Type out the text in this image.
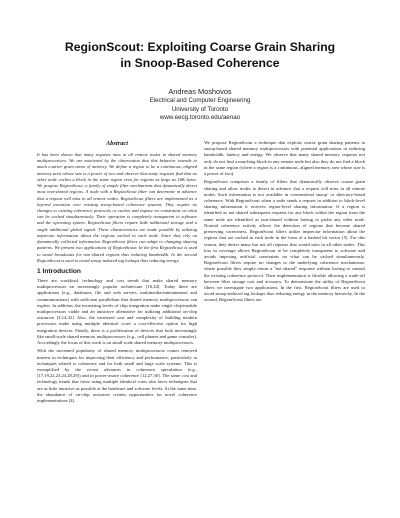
RegionScout: Exploiting Coarse Grain Sharing
in Snoop-Based Coherence
Andreas Moshovos
Electrical and Computer Engineering
University of Toronto
www.eecg.toronto.edu/aenao

Abstract

It has been shown that many requests miss in all remote nodes in shared memory multiprocessors. We are motivated by the observation that this behavior extends to much coarser grain areas of memory. We define a region to be a continuous, aligned memory area whose size is a power of two and observe that many requests find that no other node caches a block in the same region even for regions as large as 16K bytes. We propose RegionScout, a family of simple filter mechanisms that dynamically detect most non-shared regions. A node with a RegionScout filter can determine in advance that a request will miss in all remote nodes. RegionScout filters are implemented as a layered extension over existing snoop-based coherence systems. They require no changes to existing coherence protocols or caches and impose no constraints on what can be cached simultaneously. Their operation is completely transparent to software and the operating system. RegionScout filters require little additional storage and a single additional global signal. These characteristics are made possible by utilizing imprecise information about the regions cached in each node. Since they rely on dynamically collected information RegionScout filters can adapt to changing sharing patterns. We present two applications of RegionScout: In the first RegionScout is used to avoid broadcasts for non-shared regions thus reducing bandwidth. In the second RegionScout is used to avoid snoop induced tag lookups thus reducing energy.

1 Introduction

There are workload, technology and cost trends that make shared memory multiprocessors an increasingly popular architecture [16,24]. Today there are applications (e.g., databases, file and web servers, multimedia/entertainment and communications) with sufficient parallelism that shared memory multiprocessors can exploit. In addition, the increasing levels of chip integration make single chip/module multiprocessors viable and an attractive alternative for utilizing additional on-chip resources [4,14,32]. Also, the increased cost and complexity of building modern processors make using multiple identical cores a cost-effective option for high integration devices. Finally, there is a proliferation of devices that look increasingly like small-scale shared memory multiprocessors (e.g., cell phones and game consoles). Accordingly the focus of this work is on small-scale shared memory multiprocessors.

With the increased popularity of shared memory multiprocessors comes renewed interest in techniques for improving their efficiency and performance, particularly in techniques related to coherence and for both small and large scale systems. This is exemplified by the recent advances in coherence speculation (e.g., [17,19,22,23,24,28,29]) and in power-aware coherence [12,27,30]. The same cost and technology trends that favor using multiple identical cores also favor techniques that are as little intrusive as possible at the hardware and software levels. At the same time, the abundance of on-chip resources creates opportunities for novel coherence implementations [4].

We propose RegionScout a technique that exploits coarse grain sharing patterns in snoop-based shared memory multiprocessors with potential applications in reducing bandwidth, latency and energy. We observe that many shared memory requests not only do not find a matching block in any remote node but also they do not find a block in the same region (where a region is a continuous, aligned memory area whose size is a power of two).

RegionScout comprises a family of filters that dynamically observe coarse grain sharing and allow nodes to detect in advance that a request will miss in all remote nodes. Such information is not available in conventional snoop- or directory-based coherence. With RegionScout when a node sends a request in addition to block-level sharing information it receives region-level sharing information. If a region is identified as not shared subsequent requests for any block within the region from the same node are identified as non-shared without having to probe any other node. Normal coherence activity allows the detection of regions that become shared preserving correctness. RegionScout filters utilize imprecise information about the regions that are cached in each node in the form of a hashed bit vector [5]. For this reason, they detect many but not all requests that would miss in all other nodes. This loss in coverage allows RegionScout to be completely transparent to software and avoids imposing artificial constraints on what can be cached simultaneously. RegionScout filters require no changes to the underlying coherence mechanisms: where possible they simply return a "not shared" response without having to consult the existing coherence protocol. Their implementation is flexible allowing a trade-off between filter storage cost and accuracy. To demonstrate the utility of RegionScout filters we investigate two applications. In the first, RegionScout filters are used to avoid snoop-induced tag lookups thus reducing energy in the memory hierarchy. In the second, RegionScout filters are
